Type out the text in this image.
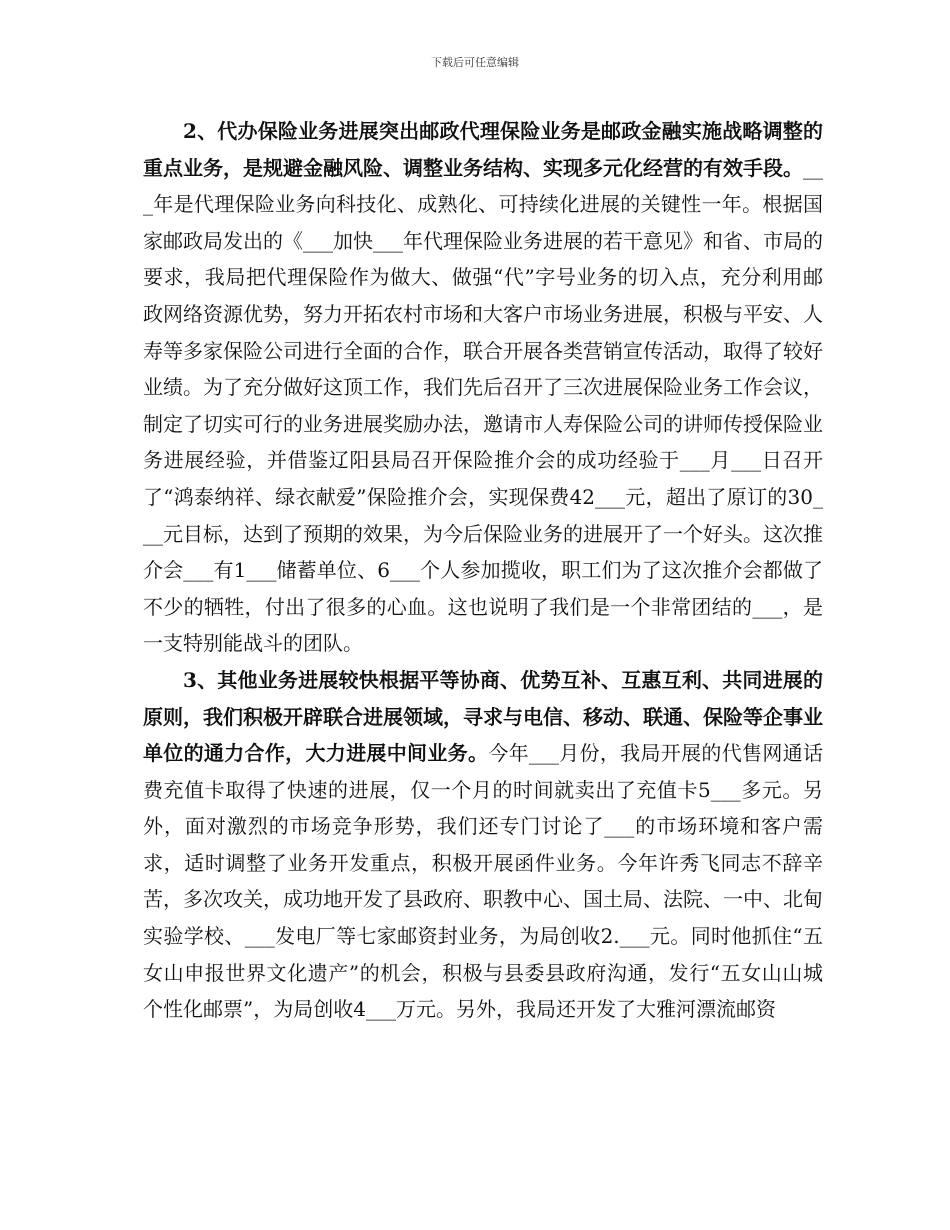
下载后可任意编辑

2、代办保险业务进展突出邮政代理保险业务是邮政金融实施战略调整的重点业务，是规避金融风险、调整业务结构、实现多元化经营的有效手段。___年是代理保险业务向科技化、成熟化、可持续化进展的关键性一年。根据国家邮政局发出的《___加快___年代理保险业务进展的若干意见》和省、市局的要求，我局把代理保险作为做大、做强“代”字号业务的切入点，充分利用邮政网络资源优势，努力开拓农村市场和大客户市场业务进展，积极与平安、人寿等多家保险公司进行全面的合作，联合开展各类营销宣传活动，取得了较好业绩。为了充分做好这顶工作，我们先后召开了三次进展保险业务工作会议，制定了切实可行的业务进展奖励办法，邀请市人寿保险公司的讲师传授保险业务进展经验，并借鉴辽阳县局召开保险推介会的成功经验于___月___日召开了“鸿泰纳祥、绿衣献爱”保险推介会，实现保费42___元，超出了原订的30___元目标，达到了预期的效果，为今后保险业务的进展开了一个好头。这次推介会___有1___储蓄单位、6___个人参加揽收，职工们为了这次推介会都做了不少的牺牲，付出了很多的心血。这也说明了我们是一个非常团结的___，是一支特别能战斗的团队。

3、其他业务进展较快根据平等协商、优势互补、互惠互利、共同进展的原则，我们积极开辟联合进展领域，寻求与电信、移动、联通、保险等企事业单位的通力合作，大力进展中间业务。今年___月份，我局开展的代售网通话费充值卡取得了快速的进展，仅一个月的时间就卖出了充值卡5___多元。另外，面对激烈的市场竞争形势，我们还专门讨论了___的市场环境和客户需求，适时调整了业务开发重点，积极开展函件业务。今年许秀飞同志不辞辛苦，多次攻关，成功地开发了县政府、职教中心、国土局、法院、一中、北甸实验学校、___发电厂等七家邮资封业务，为局创收2.___元。同时他抓住“五女山申报世界文化遗产”的机会，积极与县委县政府沟通，发行“五女山山城个性化邮票”，为局创收4___万元。另外，我局还开发了大雅河漂流邮资
